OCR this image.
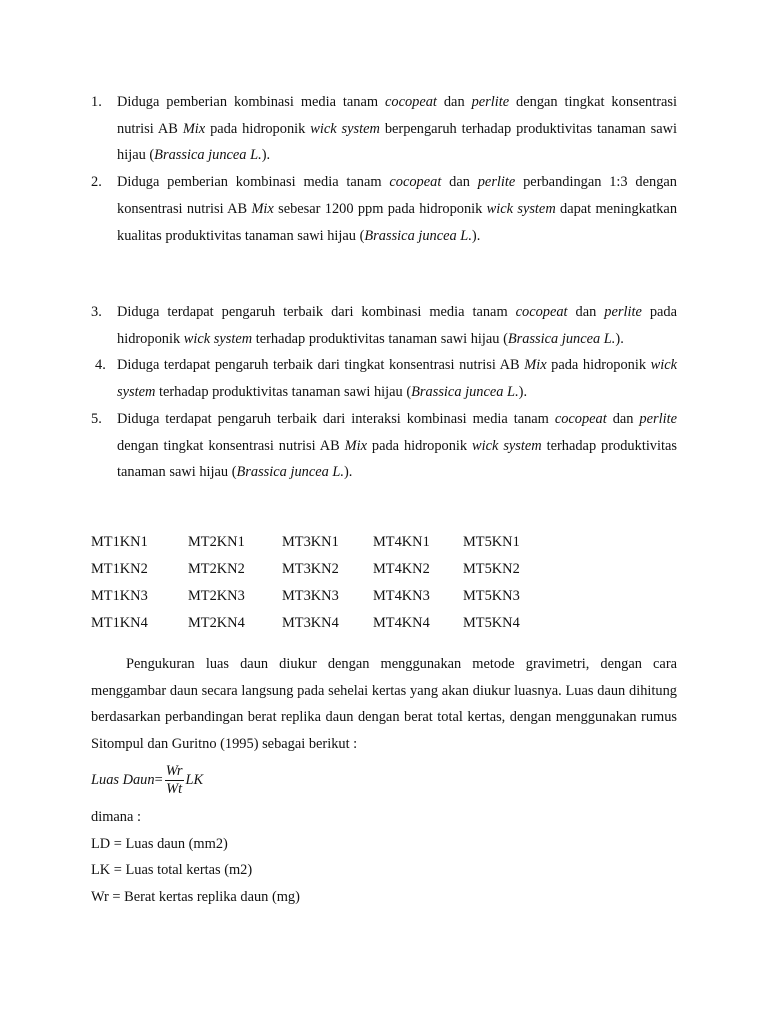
1. Diduga pemberian kombinasi media tanam cocopeat dan perlite dengan tingkat konsentrasi nutrisi AB Mix pada hidroponik wick system berpengaruh terhadap produktivitas tanaman sawi hijau (Brassica juncea L.).
2. Diduga pemberian kombinasi media tanam cocopeat dan perlite perbandingan 1:3 dengan konsentrasi nutrisi AB Mix sebesar 1200 ppm pada hidroponik wick system dapat meningkatkan kualitas produktivitas tanaman sawi hijau (Brassica juncea L.).
3. Diduga terdapat pengaruh terbaik dari kombinasi media tanam cocopeat dan perlite pada hidroponik wick system terhadap produktivitas tanaman sawi hijau (Brassica juncea L.).
4. Diduga terdapat pengaruh terbaik dari tingkat konsentrasi nutrisi AB Mix pada hidroponik wick system terhadap produktivitas tanaman sawi hijau (Brassica juncea L.).
5. Diduga terdapat pengaruh terbaik dari interaksi kombinasi media tanam cocopeat dan perlite dengan tingkat konsentrasi nutrisi AB Mix pada hidroponik wick system terhadap produktivitas tanaman sawi hijau (Brassica juncea L.).
MT1KN1	MT2KN1	MT3KN1	MT4KN1	MT5KN1
MT1KN2	MT2KN2	MT3KN2	MT4KN2	MT5KN2
MT1KN3	MT2KN3	MT3KN3	MT4KN3	MT5KN3
MT1KN4	MT2KN4	MT3KN4	MT4KN4	MT5KN4

Pengukuran luas daun diukur dengan menggunakan metode gravimetri, dengan cara menggambar daun secara langsung pada sehelai kertas yang akan diukur luasnya. Luas daun dihitung berdasarkan perbandingan berat replika daun dengan berat total kertas, dengan menggunakan rumus Sitompul dan Guritno (1995) sebagai berikut :

Luas Daun = $\frac{Wr}{Wt}$ LK
dimana :
LD = Luas daun (mm2)
LK = Luas total kertas (m2)
Wr = Berat kertas replika daun (mg)
